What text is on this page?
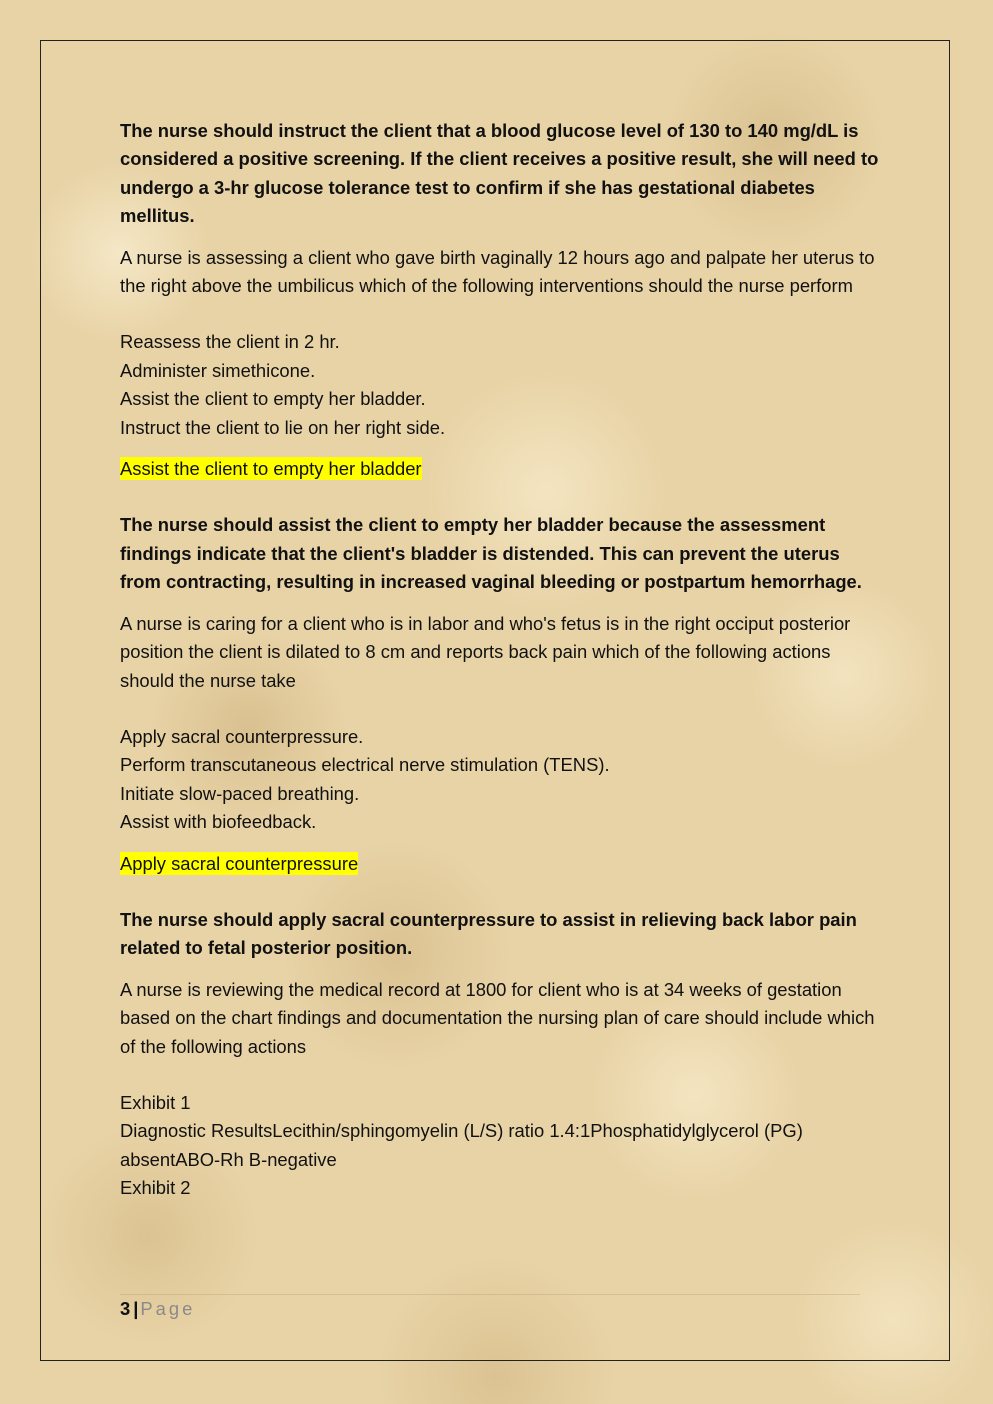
The nurse should instruct the client that a blood glucose level of 130 to 140 mg/dL is considered a positive screening. If the client receives a positive result, she will need to undergo a 3-hr glucose tolerance test to confirm if she has gestational diabetes mellitus.

A nurse is assessing a client who gave birth vaginally 12 hours ago and palpate her uterus to the right above the umbilicus which of the following interventions should the nurse perform

Reassess the client in 2 hr.
Administer simethicone.
Assist the client to empty her bladder.
Instruct the client to lie on her right side.
Assist the client to empty her bladder

The nurse should assist the client to empty her bladder because the assessment findings indicate that the client's bladder is distended. This can prevent the uterus from contracting, resulting in increased vaginal bleeding or postpartum hemorrhage.

A nurse is caring for a client who is in labor and who's fetus is in the right occiput posterior position the client is dilated to 8 cm and reports back pain which of the following actions should the nurse take

Apply sacral counterpressure.
Perform transcutaneous electrical nerve stimulation (TENS).
Initiate slow-paced breathing.
Assist with biofeedback.
Apply sacral counterpressure

The nurse should apply sacral counterpressure to assist in relieving back labor pain related to fetal posterior position.

A nurse is reviewing the medical record at 1800 for client who is at 34 weeks of gestation based on the chart findings and documentation the nursing plan of care should include which of the following actions

Exhibit 1
Diagnostic ResultsLecithin/sphingomyelin (L/S) ratio 1.4:1Phosphatidylglycerol (PG) absentABO-Rh B-negative
Exhibit 2
3 | Page
